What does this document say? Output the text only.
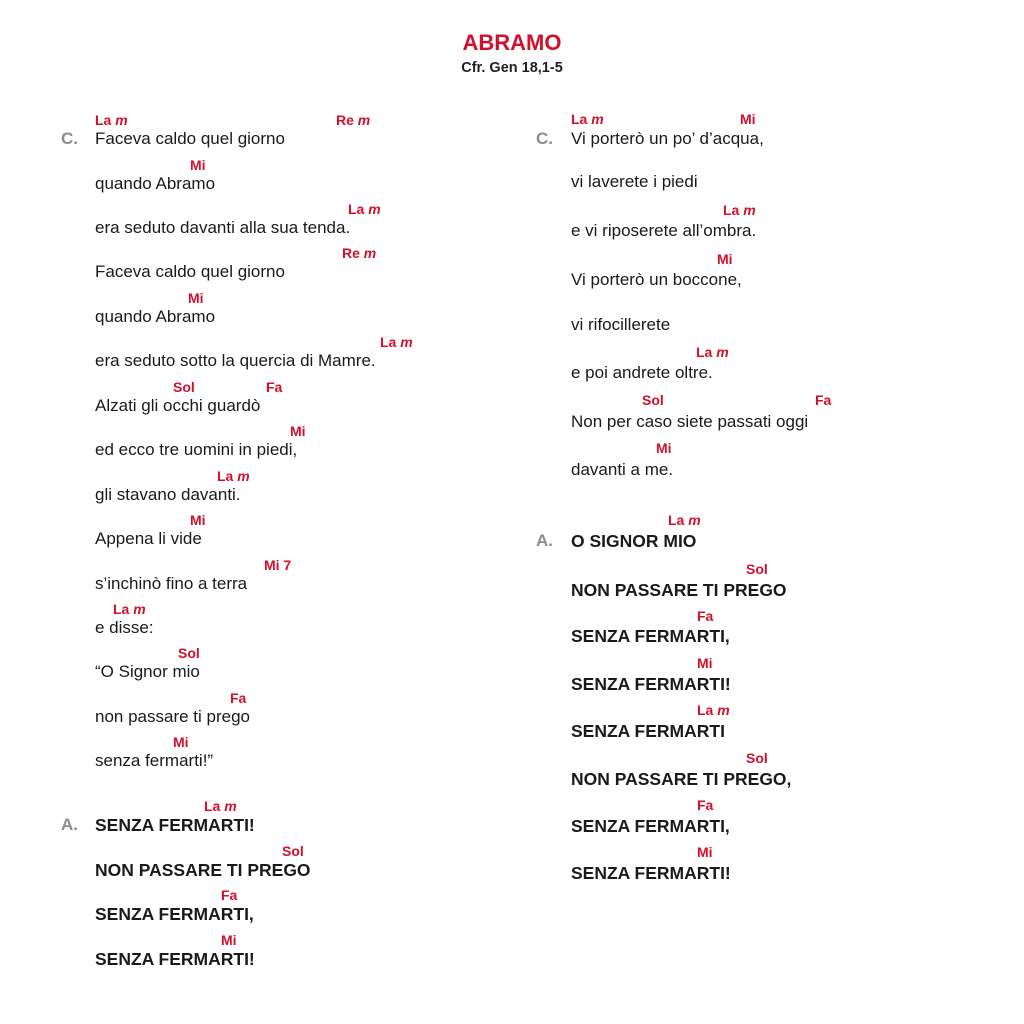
ABRAMO
Cfr. Gen 18,1-5
C.
A.
Faceva caldo quel giorno
quando Abramo
era seduto davanti alla sua tenda.
Faceva caldo quel giorno
quando Abramo
era seduto sotto la quercia di Mamre.
Alzati gli occhi guardò
ed ecco tre uomini in piedi,
gli stavano davanti.
Appena li vide
s’inchinò fino a terra
e disse:
“O Signor mio
non passare ti prego
senza fermarti!”
SENZA FERMARTI!
NON PASSARE TI PREGO
SENZA FERMARTI,
SENZA FERMARTI!
La m	Re m
Mi
La m
Re m
Mi
La m
Sol	Fa
Mi
La m
Mi
Mi 7
La m
Sol
Fa
Mi
La m
Sol
Fa
Mi
C.
A.
Vi porterò un po’ d’acqua,
vi laverete i piedi
e vi riposerete all’ombra.
Vi porterò un boccone,
vi rifocillerete
e poi andrete oltre.
Non per caso siete passati oggi
davanti a me.
O SIGNOR MIO
NON PASSARE TI PREGO
SENZA FERMARTI,
SENZA FERMARTI!
SENZA FERMARTI
NON PASSARE TI PREGO,
SENZA FERMARTI,
SENZA FERMARTI!
La m	Mi
La m
Mi
La m
Sol	Fa
Mi
La m
Sol
Fa
Mi
La m
Sol
Fa
Mi
